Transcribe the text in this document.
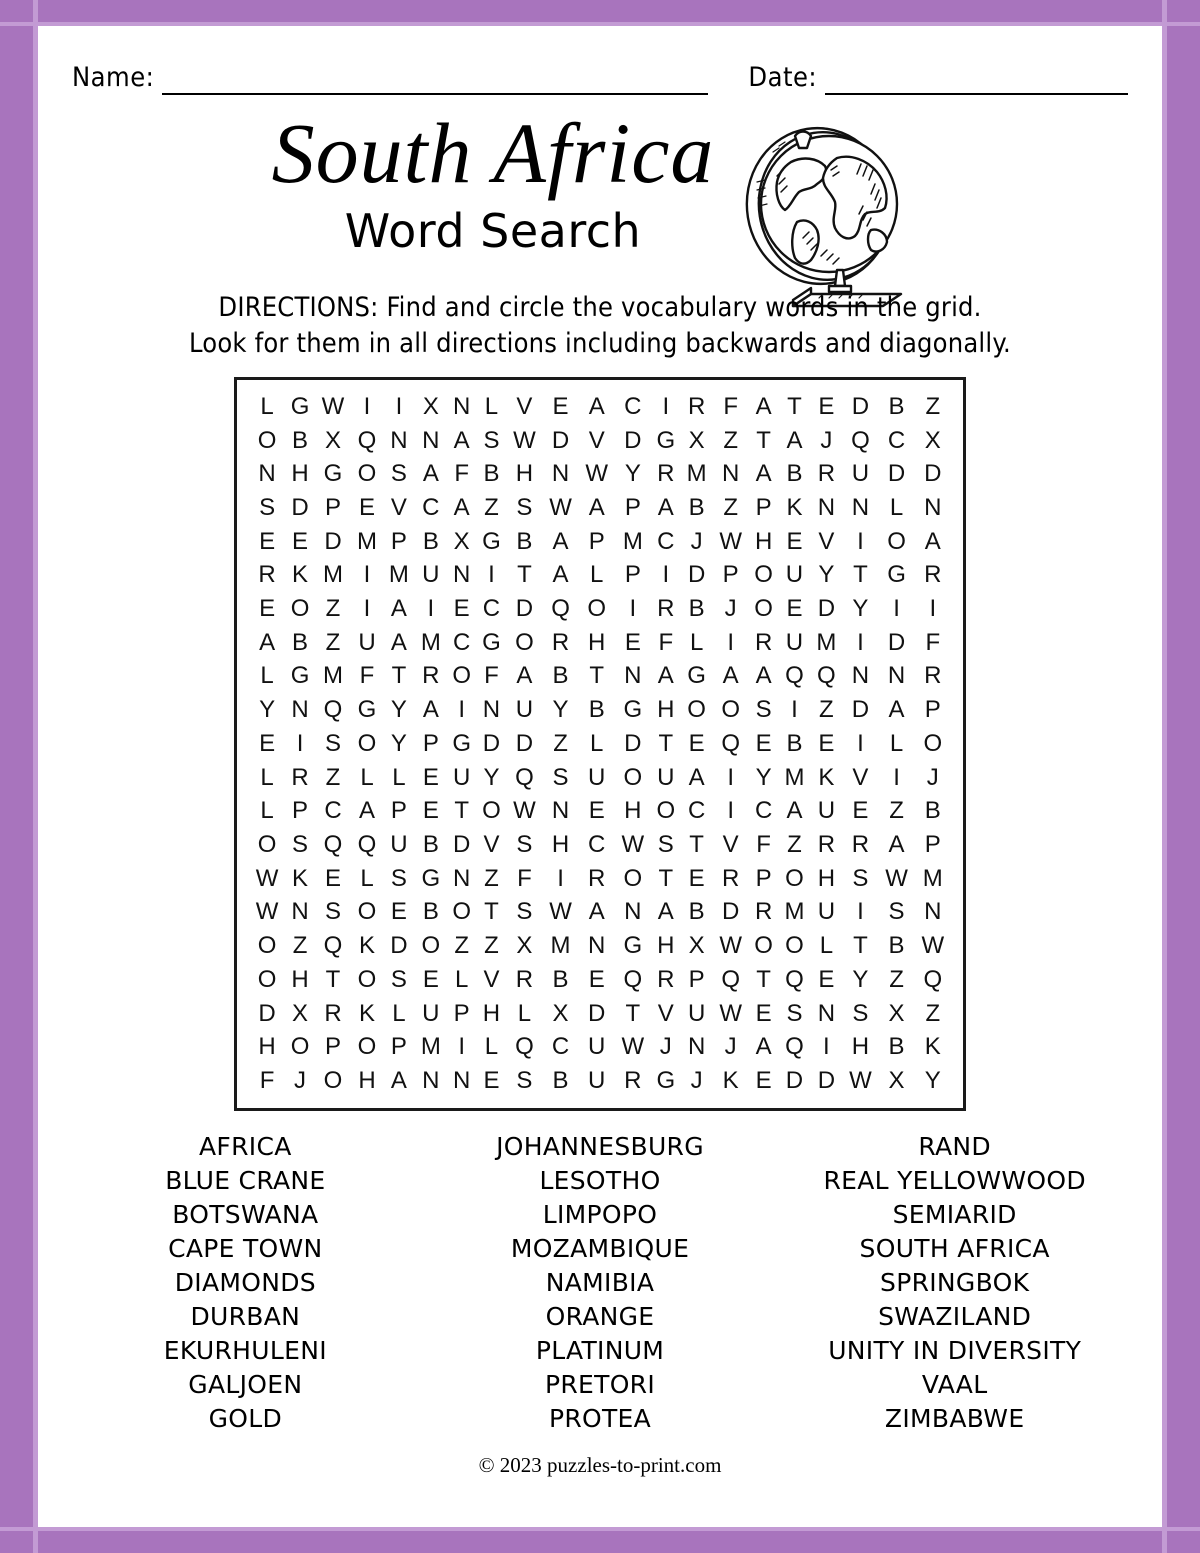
Name:	Date:
South Africa
Word Search
DIRECTIONS: Find and circle the vocabulary words in the grid.
Look for them in all directions including backwards and diagonally.
L	G	W	I	I	X	N	L	V	E	A	C	I	R	F	A	T	E	D	B	Z
O	B	X	Q	N	N	A	S	W	D	V	D	G	X	Z	T	A	J	Q	C	X
N	H	G	O	S	A	F	B	H	N	W	Y	R	M	N	A	B	R	U	D	D
S	D	P	E	V	C	A	Z	S	W	A	P	A	B	Z	P	K	N	N	L	N
E	E	D	M	P	B	X	G	B	A	P	M	C	J	W	H	E	V	I	O	A
R	K	M	I	M	U	N	I	T	A	L	P	I	D	P	O	U	Y	T	G	R
E	O	Z	I	A	I	E	C	D	Q	O	I	R	B	J	O	E	D	Y	I	I
A	B	Z	U	A	M	C	G	O	R	H	E	F	L	I	R	U	M	I	D	F
L	G	M	F	T	R	O	F	A	B	T	N	A	G	A	A	Q	Q	N	N	R
Y	N	Q	G	Y	A	I	N	U	Y	B	G	H	O	O	S	I	Z	D	A	P
E	I	S	O	Y	P	G	D	D	Z	L	D	T	E	Q	E	B	E	I	L	O
L	R	Z	L	L	E	U	Y	Q	S	U	O	U	A	I	Y	M	K	V	I	J
L	P	C	A	P	E	T	O	W	N	E	H	O	C	I	C	A	U	E	Z	B
O	S	Q	Q	U	B	D	V	S	H	C	W	S	T	V	F	Z	R	R	A	P
W	K	E	L	S	G	N	Z	F	I	R	O	T	E	R	P	O	H	S	W	M
W	N	S	O	E	B	O	T	S	W	A	N	A	B	D	R	M	U	I	S	N
O	Z	Q	K	D	O	Z	Z	X	M	N	G	H	X	W	O	O	L	T	B	W
O	H	T	O	S	E	L	V	R	B	E	Q	R	P	Q	T	Q	E	Y	Z	Q
D	X	R	K	L	U	P	H	L	X	D	T	V	U	W	E	S	N	S	X	Z
H	O	P	O	P	M	I	L	Q	C	U	W	J	N	J	A	Q	I	H	B	K
F	J	O	H	A	N	N	E	S	B	U	R	G	J	K	E	D	D	W	X	Y
AFRICA
BLUE CRANE
BOTSWANA
CAPE TOWN
DIAMONDS
DURBAN
EKURHULENI
GALJOEN
GOLD
JOHANNESBURG
LESOTHO
LIMPOPO
MOZAMBIQUE
NAMIBIA
ORANGE
PLATINUM
PRETORI
PROTEA
RAND
REAL YELLOWWOOD
SEMIARID
SOUTH AFRICA
SPRINGBOK
SWAZILAND
UNITY IN DIVERSITY
VAAL
ZIMBABWE
© 2023 puzzles-to-print.com
